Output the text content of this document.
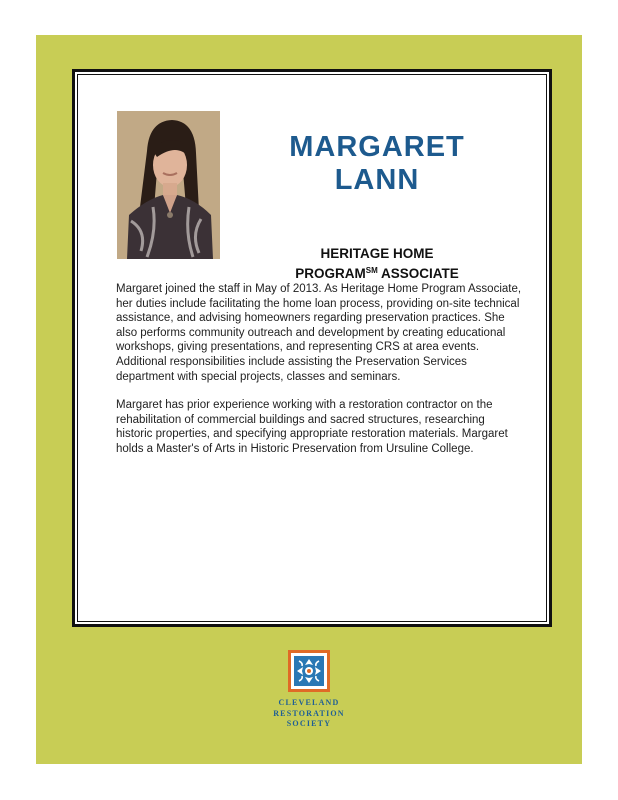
MARGARET
LANN
HERITAGE HOME
PROGRAM℠ ASSOCIATE

Margaret joined the staff in May of 2013. As Heritage Home Program Associate, her duties include facilitating the home loan process, providing on-site technical assistance, and advising homeowners regarding preservation practices. She also performs community outreach and development by creating educational workshops, giving presentations, and representing CRS at area events. Additional responsibilities include assisting the Preservation Services department with special projects, classes and seminars.

Margaret has prior experience working with a restoration contractor on the rehabilitation of commercial buildings and sacred structures, researching historic properties, and specifying appropriate restoration materials. Margaret holds a Master's of Arts in Historic Preservation from Ursuline College.

CLEVELAND
RESTORATION
SOCIETY
